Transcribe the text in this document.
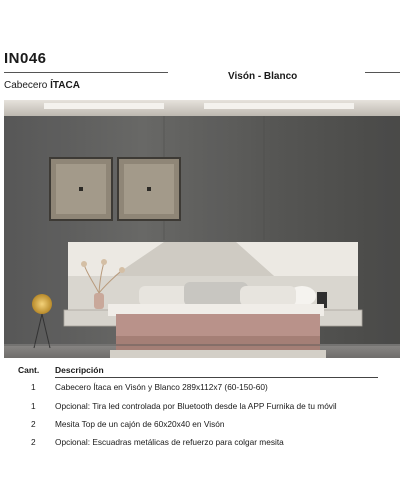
IN046
Visón - Blanco
Cabecero ÍTACA
Cant. Descripción
1 Cabecero Ítaca en Visón y Blanco 289x112x7 (60-150-60)
1 Opcional: Tira led controlada por Bluetooth desde la APP Furnika de tu móvil
2 Mesita Top de un cajón de 60x20x40 en Visón
2 Opcional: Escuadras metálicas de refuerzo para colgar mesita
